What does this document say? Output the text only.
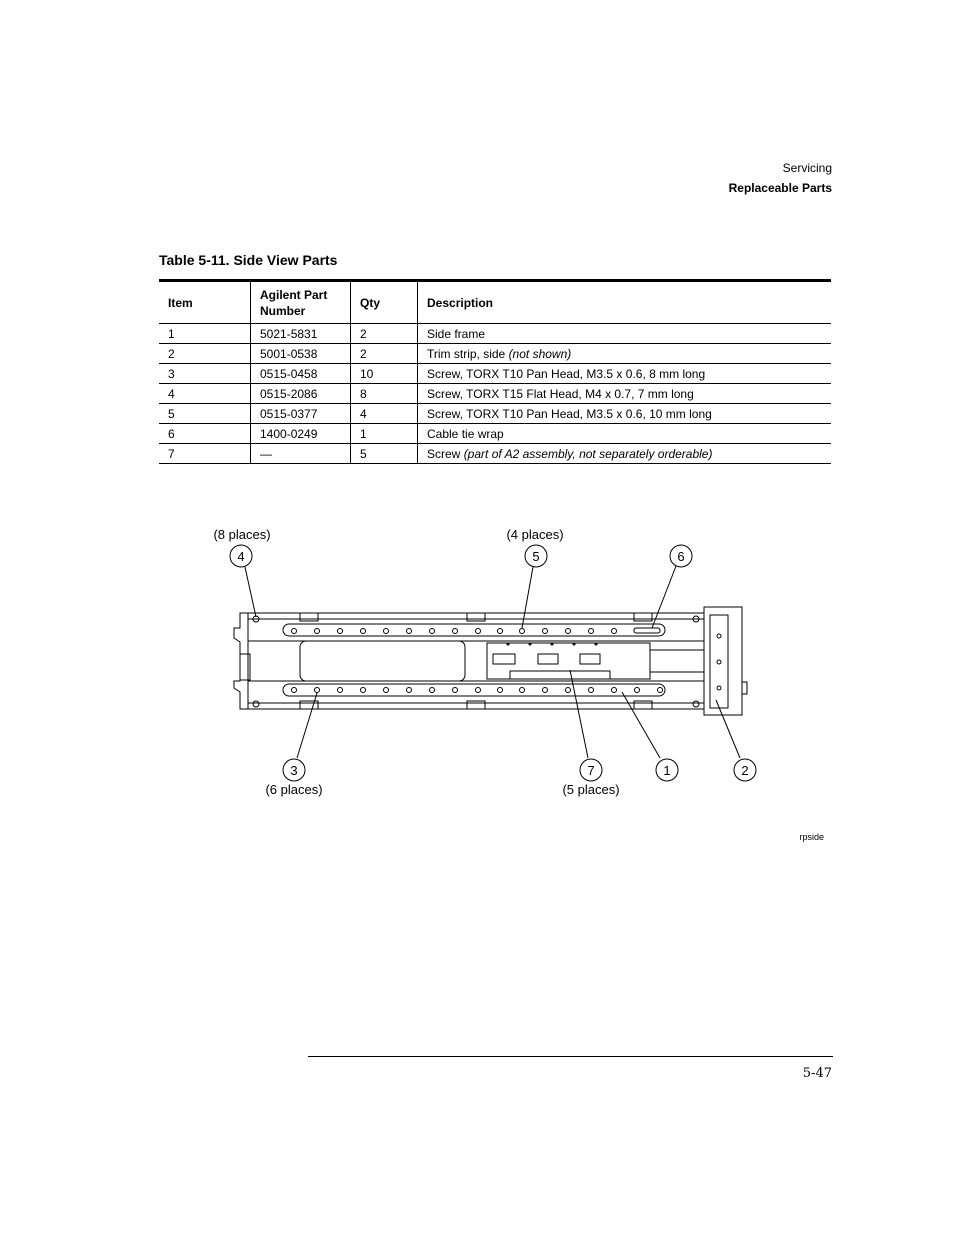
Servicing
Replaceable Parts
Table 5-11. Side View Parts
Item	Agilent Part Number	Qty	Description
1	5021-5831	2	Side frame
2	5001-0538	2	Trim strip, side (not shown)
3	0515-0458	10	Screw, TORX T10 Pan Head, M3.5 x 0.6, 8 mm long
4	0515-2086	8	Screw, TORX T15 Flat Head, M4 x 0.7, 7 mm long
5	0515-0377	4	Screw, TORX T10 Pan Head, M3.5 x 0.6, 10 mm long
6	1400-0249	1	Cable tie wrap
7	—	5	Screw (part of A2 assembly, not separately orderable)
4
(8 places)
5
(4 places)
6
3
(6 places)
7
(5 places)
1	2
rpside
5-47
